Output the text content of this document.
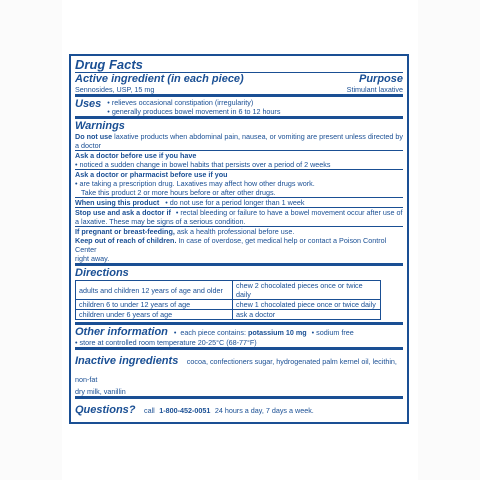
Drug Facts
Active ingredient (in each piece)	Purpose
Sennosides, USP, 15 mg	Stimulant laxative
Uses	• relieves occasional constipation (irregularity)
• generally produces bowel movement in 6 to 12 hours
Warnings
Do not use laxative products when abdominal pain, nausea, or vomiting are present unless directed by
a doctor
Ask a doctor before use if you have
• noticed a sudden change in bowel habits that persists over a period of 2 weeks
Ask a doctor or pharmacist before use if you
• are taking a prescription drug. Laxatives may affect how other drugs work.
Take this product 2 or more hours before or after other drugs.
When using this product • do not use for a period longer than 1 week
Stop use and ask a doctor if • rectal bleeding or failure to have a bowel movement occur after use of
a laxative. These may be signs of a serious condition.
If pregnant or breast-feeding, ask a health professional before use.
Keep out of reach of children. In case of overdose, get medical help or contact a Poison Control Center
right away.
Directions
adults and children 12 years of age and older	chew 2 chocolated pieces once or twice daily
children 6 to under 12 years of age	chew 1 chocolated piece once or twice daily
children under 6 years of age	ask a doctor
Other information	• each piece contains: potassium 10 mg	• sodium free
• store at controlled room temperature 20-25°C (68-77°F)
Inactive ingredients cocoa, confectioners sugar, hydrogenated palm kernel oil, lecithin, non-fat
dry milk, vanillin
Questions? call 1-800-452-0051 24 hours a day, 7 days a week.
